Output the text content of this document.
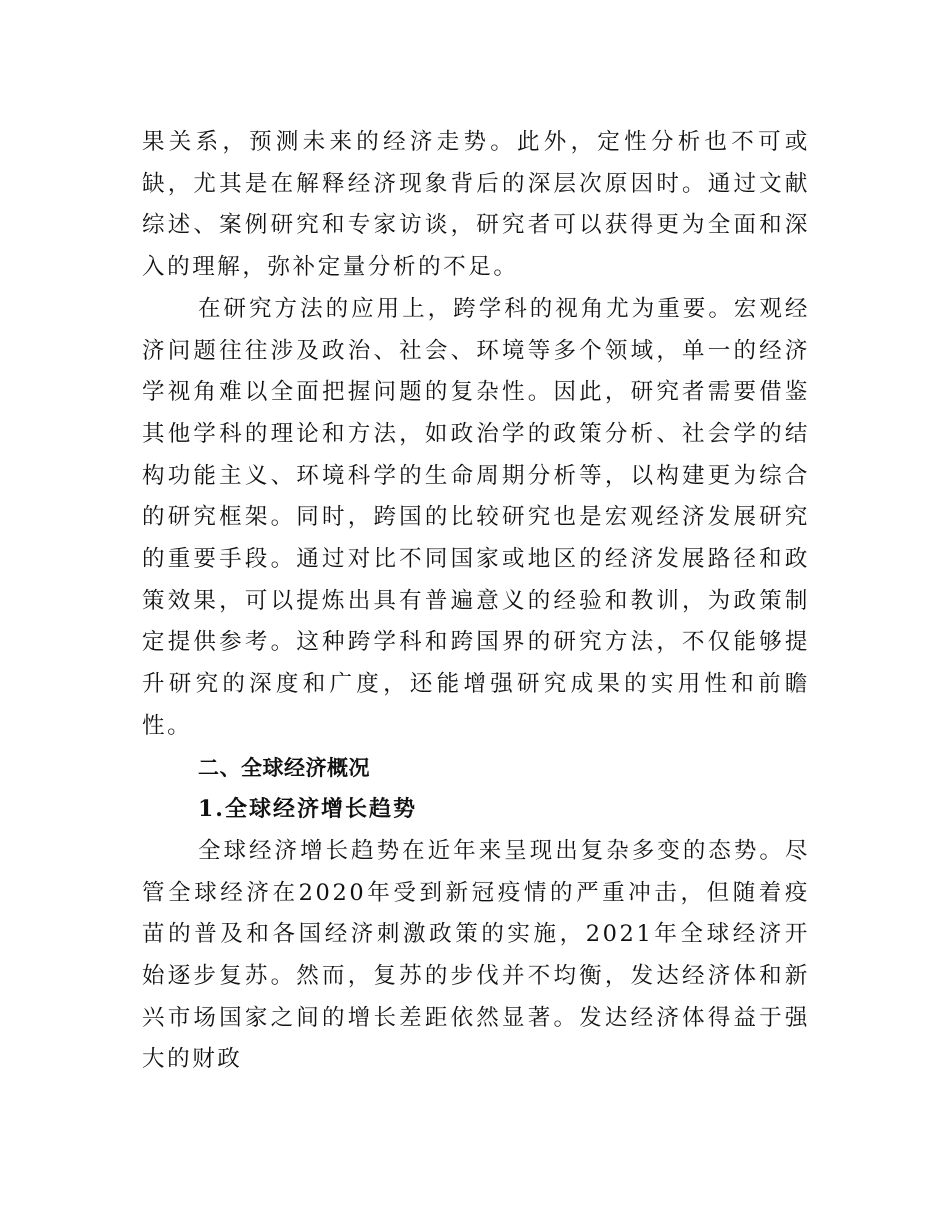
果关系，预测未来的经济走势。此外，定性分析也不可或缺，尤其是在解释经济现象背后的深层次原因时。通过文献综述、案例研究和专家访谈，研究者可以获得更为全面和深入的理解，弥补定量分析的不足。

在研究方法的应用上，跨学科的视角尤为重要。宏观经济问题往往涉及政治、社会、环境等多个领域，单一的经济学视角难以全面把握问题的复杂性。因此，研究者需要借鉴其他学科的理论和方法，如政治学的政策分析、社会学的结构功能主义、环境科学的生命周期分析等，以构建更为综合的研究框架。同时，跨国的比较研究也是宏观经济发展研究的重要手段。通过对比不同国家或地区的经济发展路径和政策效果，可以提炼出具有普遍意义的经验和教训，为政策制定提供参考。这种跨学科和跨国界的研究方法，不仅能够提升研究的深度和广度，还能增强研究成果的实用性和前瞻性。

二、全球经济概况
1.全球经济增长趋势

全球经济增长趋势在近年来呈现出复杂多变的态势。尽管全球经济在2020年受到新冠疫情的严重冲击，但随着疫苗的普及和各国经济刺激政策的实施，2021年全球经济开始逐步复苏。然而，复苏的步伐并不均衡，发达经济体和新兴市场国家之间的增长差距依然显著。发达经济体得益于强大的财政
